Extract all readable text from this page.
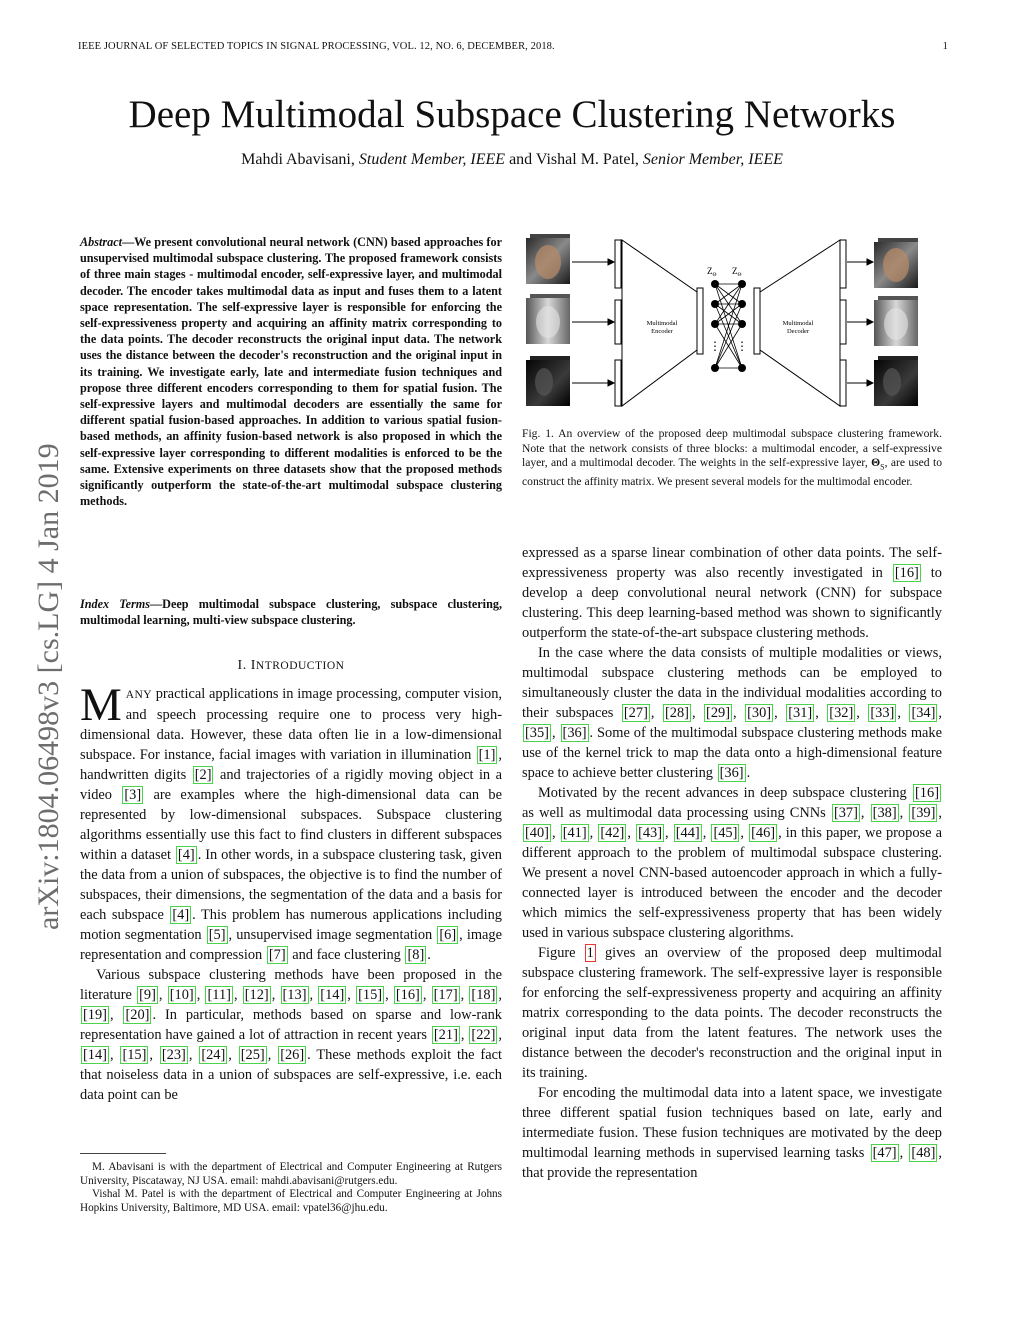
IEEE JOURNAL OF SELECTED TOPICS IN SIGNAL PROCESSING, VOL. 12, NO. 6, DECEMBER, 2018.	1
Deep Multimodal Subspace Clustering Networks
Mahdi Abavisani, Student Member, IEEE and Vishal M. Patel, Senior Member, IEEE
arXiv:1804.06498v3 [cs.LG] 4 Jan 2019
Abstract—We present convolutional neural network (CNN) based approaches for unsupervised multimodal subspace clustering. The proposed framework consists of three main stages - multimodal encoder, self-expressive layer, and multimodal decoder. The encoder takes multimodal data as input and fuses them to a latent space representation. The self-expressive layer is responsible for enforcing the self-expressiveness property and acquiring an affinity matrix corresponding to the data points. The decoder reconstructs the original input data. The network uses the distance between the decoder's reconstruction and the original input in its training. We investigate early, late and intermediate fusion techniques and propose three different encoders corresponding to them for spatial fusion. The self-expressive layers and multimodal decoders are essentially the same for different spatial fusion-based approaches. In addition to various spatial fusion-based methods, an affinity fusion-based network is also proposed in which the self-expressive layer corresponding to different modalities is enforced to be the same. Extensive experiments on three datasets show that the proposed methods significantly outperform the state-of-the-art multimodal subspace clustering methods.
Index Terms—Deep multimodal subspace clustering, subspace clustering, multimodal learning, multi-view subspace clustering.
I. INTRODUCTION

MANY practical applications in image processing, computer vision, and speech processing require one to process very high-dimensional data. However, these data often lie in a low-dimensional subspace. For instance, facial images with variation in illumination [1] , handwritten digits [2] and trajectories of a rigidly moving object in a video [3] are examples where the high-dimensional data can be represented by low-dimensional subspaces. Subspace clustering algorithms essentially use this fact to find clusters in different subspaces within a dataset [4] . In other words, in a subspace clustering task, given the data from a union of subspaces, the objective is to find the number of subspaces, their dimensions, the segmentation of the data and a basis for each subspace [4] . This problem has numerous applications including motion segmentation [5] , unsupervised image segmentation [6] , image representation and compression [7] and face clustering [8] .

Various subspace clustering methods have been proposed in the literature [9] , [10] , [11] , [12] , [13] , [14] , [15] , [16] , [17] , [18] , [19] , [20] . In particular, methods based on sparse and low-rank representation have gained a lot of attraction in recent years [21] , [22] , [14] , [15] , [23] , [24] , [25] , [26] . These methods exploit the fact that noiseless data in a union of subspaces are self-expressive, i.e. each data point can be

M. Abavisani is with the department of Electrical and Computer Engineering at Rutgers University, Piscataway, NJ USA. email: mahdi.abavisani@rutgers.edu.

Vishal M. Patel is with the department of Electrical and Computer Engineering at Johns Hopkins University, Baltimore, MD USA. email: vpatel36@jhu.edu.

Multimodal
Encoder
⋮ ⋮
$Z_\Theta$ $Z_\Theta$
Multimodal
Decoder
Fig. 1. An overview of the proposed deep multimodal subspace clustering framework. Note that the network consists of three blocks: a multimodal encoder, a self-expressive layer, and a multimodal decoder. The weights in the self-expressive layer, $\Theta_S$, are used to construct the affinity matrix. We present several models for the multimodal encoder.

expressed as a sparse linear combination of other data points. The self-expressiveness property was also recently investigated in [16] to develop a deep convolutional neural network (CNN) for subspace clustering. This deep learning-based method was shown to significantly outperform the state-of-the-art subspace clustering methods.

In the case where the data consists of multiple modalities or views, multimodal subspace clustering methods can be employed to simultaneously cluster the data in the individual modalities according to their subspaces [27] , [28] , [29] , [30] , [31] , [32] , [33] , [34] , [35] , [36] . Some of the multimodal subspace clustering methods make use of the kernel trick to map the data onto a high-dimensional feature space to achieve better clustering [36] .

Motivated by the recent advances in deep subspace clustering [16] as well as multimodal data processing using CNNs [37] , [38] , [39] , [40] , [41] , [42] , [43] , [44] , [45] , [46] , in this paper, we propose a different approach to the problem of multimodal subspace clustering. We present a novel CNN-based autoencoder approach in which a fully-connected layer is introduced between the encoder and the decoder which mimics the self-expressiveness property that has been widely used in various subspace clustering algorithms.

Figure 1 gives an overview of the proposed deep multimodal subspace clustering framework. The self-expressive layer is responsible for enforcing the self-expressiveness property and acquiring an affinity matrix corresponding to the data points. The decoder reconstructs the original input data from the latent features. The network uses the distance between the decoder's reconstruction and the original input in its training.

For encoding the multimodal data into a latent space, we investigate three different spatial fusion techniques based on late, early and intermediate fusion. These fusion techniques are motivated by the deep multimodal learning methods in supervised learning tasks [47] , [48] , that provide the representation
